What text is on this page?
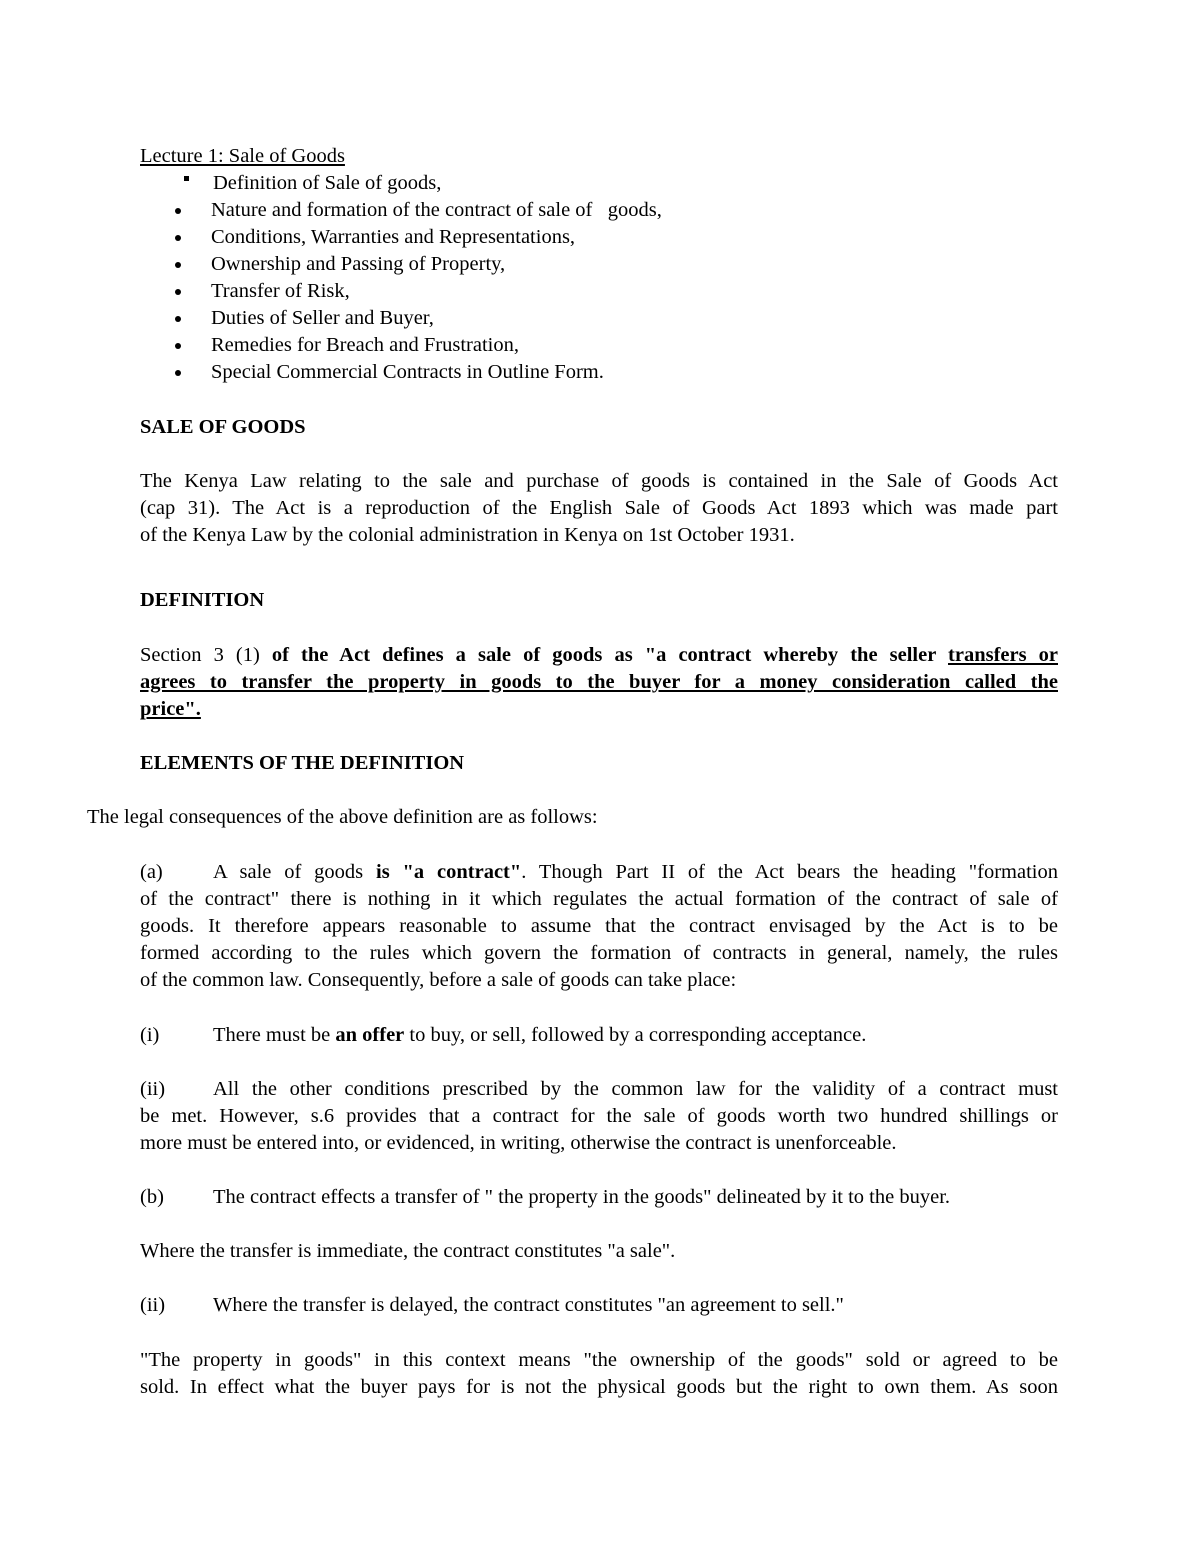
Lecture 1: Sale of Goods
Definition of Sale of goods,
Nature and formation of the contract of sale of   goods,
Conditions, Warranties and Representations,
Ownership and Passing of Property,
Transfer of Risk,
Duties of Seller and Buyer,
Remedies for Breach and Frustration,
Special Commercial Contracts in Outline Form.
SALE OF GOODS
The Kenya Law relating to the sale and purchase of goods is contained in the Sale of Goods Act
(cap 31). The Act is a reproduction of the English Sale of Goods Act 1893 which was made part
of the Kenya Law by the colonial administration in Kenya on 1st October 1931.
DEFINITION
Section 3 (1) of the Act defines a sale of goods as "a contract whereby the seller transfers or
agrees to transfer the property in goods to the buyer for a money consideration called the
price".
ELEMENTS OF THE DEFINITION
The legal consequences of the above definition are as follows:
(a) A sale of goods is "a contract". Though Part II of the Act bears the heading "formation
of the contract" there is nothing in it which regulates the actual formation of the contract of sale of
goods. It therefore appears reasonable to assume that the contract envisaged by the Act is to be
formed according to the rules which govern the formation of contracts in general, namely, the rules
of the common law. Consequently, before a sale of goods can take place:
(i)	There must be an offer to buy, or sell, followed by a corresponding acceptance.
(ii) All the other conditions prescribed by the common law for the validity of a contract must
be met. However, s.6 provides that a contract for the sale of goods worth two hundred shillings or
more must be entered into, or evidenced, in writing, otherwise the contract is unenforceable.
(b) The contract effects a transfer of " the property in the goods" delineated by it to the buyer.
Where the transfer is immediate, the contract constitutes "a sale".
(ii) Where the transfer is delayed, the contract constitutes "an agreement to sell."
"The property in goods" in this context means "the ownership of the goods" sold or agreed to be
sold. In effect what the buyer pays for is not the physical goods but the right to own them. As soon
